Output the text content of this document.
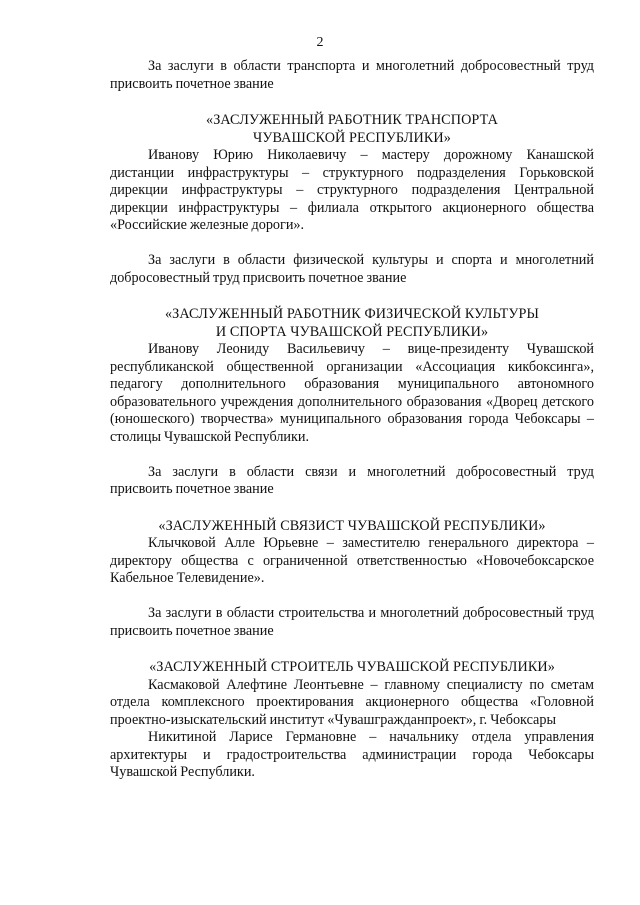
2

За заслуги в области транспорта и многолетний добросовестный труд присвоить почетное звание

«ЗАСЛУЖЕННЫЙ РАБОТНИК ТРАНСПОРТА

ЧУВАШСКОЙ РЕСПУБЛИКИ»

Иванову Юрию Николаевичу – мастеру дорожному Канашской дистанции инфраструктуры – структурного подразделения Горьковской дирекции инфраструктуры – структурного подразделения Центральной дирекции инфраструктуры – филиала открытого акционерного общества «Российские железные дороги».

За заслуги в области физической культуры и спорта и многолетний добросовестный труд присвоить почетное звание

«ЗАСЛУЖЕННЫЙ РАБОТНИК ФИЗИЧЕСКОЙ КУЛЬТУРЫ

И СПОРТА ЧУВАШСКОЙ РЕСПУБЛИКИ»

Иванову Леониду Васильевичу – вице-президенту Чувашской республиканской общественной организации «Ассоциация кикбоксинга», педагогу дополнительного образования муниципального автономного образовательного учреждения дополнительного образования «Дворец детского (юношеского) творчества» муниципального образования города Чебоксары – столицы Чувашской Республики.

За заслуги в области связи и многолетний добросовестный труд присвоить почетное звание

«ЗАСЛУЖЕННЫЙ СВЯЗИСТ ЧУВАШСКОЙ РЕСПУБЛИКИ»

Клычковой Алле Юрьевне – заместителю генерального директора – директору общества с ограниченной ответственностью «Новочебоксарское Кабельное Телевидение».

За заслуги в области строительства и многолетний добросовестный труд присвоить почетное звание

«ЗАСЛУЖЕННЫЙ СТРОИТЕЛЬ ЧУВАШСКОЙ РЕСПУБЛИКИ»

Касмаковой Алефтине Леонтьевне – главному специалисту по сметам отдела комплексного проектирования акционерного общества «Головной проектно-изыскательский институт «Чувашгражданпроект», г. Чебоксары

Никитиной Ларисе Германовне – начальнику отдела управления архитектуры и градостроительства администрации города Чебоксары Чувашской Республики.
